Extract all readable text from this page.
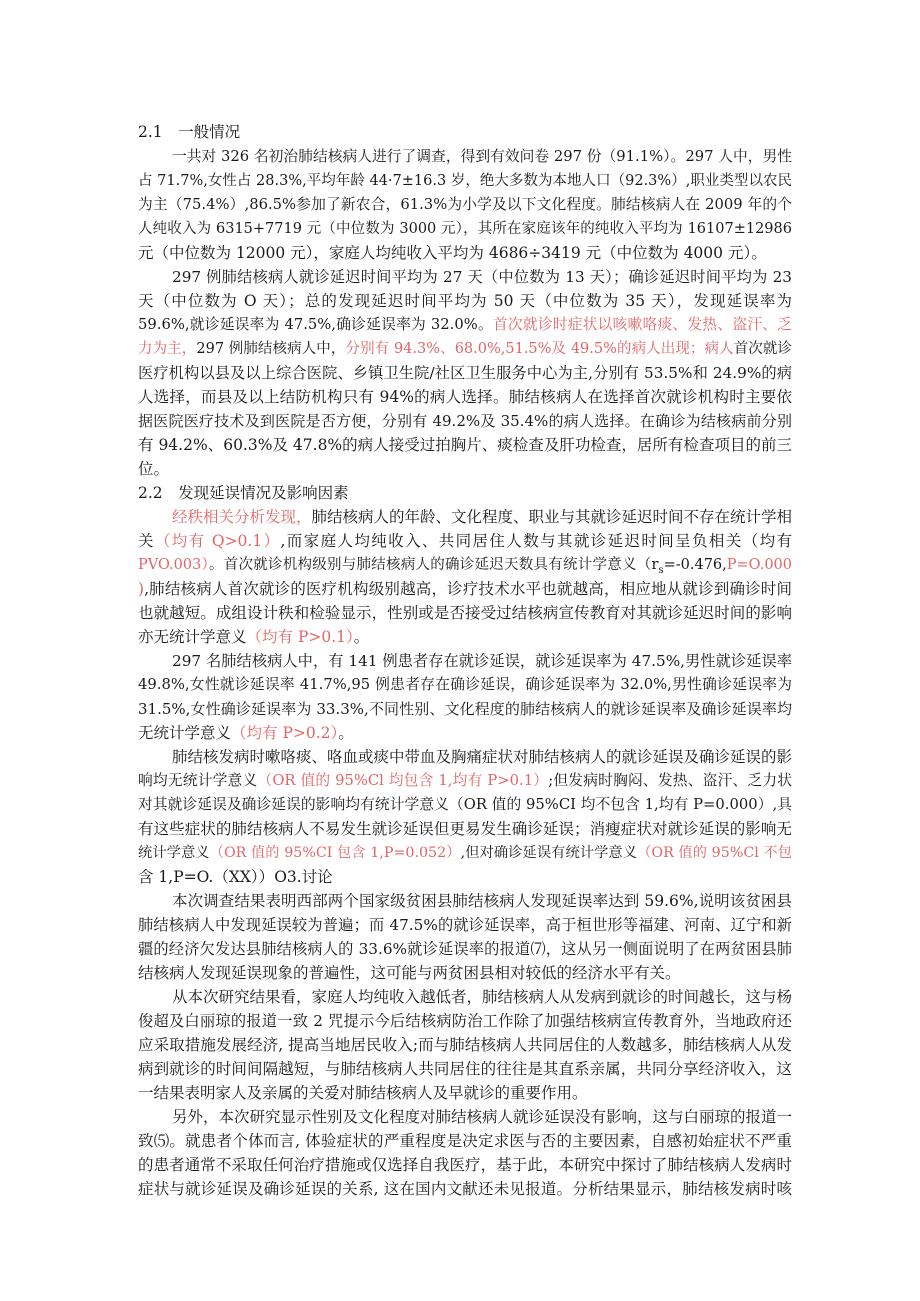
2.1　一般情况
一共对 326 名初治肺结核病人进行了调查，得到有效问卷 297 份（91.1%）。297 人中，男性
占 71.7%,女性占 28.3%,平均年龄 44·7±16.3 岁，绝大多数为本地人口（92.3%）,职业类型以农民
为主（75.4%）,86.5%参加了新农合，61.3%为小学及以下文化程度。肺结核病人在 2009 年的个
人纯收入为 6315+7719 元（中位数为 3000 元），其所在家庭该年的纯收入平均为 16107±12986
元（中位数为 12000 元），家庭人均纯收入平均为 4686÷3419 元（中位数为 4000 元）。
297 例肺结核病人就诊延迟时间平均为 27 天（中位数为 13 天）；确诊延迟时间平均为 23
天（中位数为 O 天）；总的发现延迟时间平均为 50 天（中位数为 35 天），发现延误率为
59.6%,就诊延误率为 47.5%,确诊延误率为 32.0%。首次就诊时症状以咳嗽咯痰、发热、盗汗、乏
力为主，297 例肺结核病人中，分别有 94.3%、68.0%,51.5%及 49.5%的病人出现；病人首次就诊
医疗机构以县及以上综合医院、乡镇卫生院/社区卫生服务中心为主,分别有 53.5%和 24.9%的病
人选择，而县及以上结防机构只有 94%的病人选择。肺结核病人在选择首次就诊机构时主要依
据医院医疗技术及到医院是否方便，分别有 49.2%及 35.4%的病人选择。在确诊为结核病前分别
有 94.2%、60.3%及 47.8%的病人接受过拍胸片、痰检查及肝功检查，居所有检查项目的前三
位。
2.2　发现延误情况及影响因素
经秩相关分析发现，肺结核病人的年龄、文化程度、职业与其就诊延迟时间不存在统计学相
关（均有 Q>0.1）,而家庭人均纯收入、共同居住人数与其就诊延迟时间呈负相关（均有
PVO.003）。首次就诊机构级别与肺结核病人的确诊延迟天数具有统计学意义（$r_s=-0.476,P=O.000$
),肺结核病人首次就诊的医疗机构级别越高，诊疗技术水平也就越高，相应地从就诊到确诊时间
也就越短。成组设计秩和检验显示，性别或是否接受过结核病宣传教育对其就诊延迟时间的影响
亦无统计学意义（均有 P>0.1）。
297 名肺结核病人中，有 141 例患者存在就诊延误，就诊延误率为 47.5%,男性就诊延误率
49.8%,女性就诊延误率 41.7%,95 例患者存在确诊延误，确诊延误率为 32.0%,男性确诊延误率为
31.5%,女性确诊延误率为 33.3%,不同性别、文化程度的肺结核病人的就诊延误率及确诊延误率均
无统计学意义（均有 P>0.2）。
肺结核发病时嗽咯痰、咯血或痰中带血及胸痛症状对肺结核病人的就诊延误及确诊延误的影
响均无统计学意义（OR 值的 95%Cl 均包含 1,均有 P>0.1）;但发病时胸闷、发热、盗汗、乏力状
对其就诊延误及确诊延误的影响均有统计学意义（OR 值的 95%CI 均不包含 1,均有 P=0.000）,具
有这些症状的肺结核病人不易发生就诊延误但更易发生确诊延误；消瘦症状对就诊延误的影响无
统计学意义（OR 值的 95%CI 包含 1,P=0.052）,但对确诊延误有统计学意义（OR 值的 95%Cl 不包
含 1,P=O.（XX））O3.讨论
本次调查结果表明西部两个国家级贫困县肺结核病人发现延误率达到 59.6%,说明该贫困县
肺结核病人中发现延误较为普遍；而 47.5%的就诊延误率，高于桓世形等福建、河南、辽宁和新
疆的经济欠发达县肺结核病人的 33.6%就诊延误率的报道⑺，这从另一侧面说明了在两贫困县肺
结核病人发现延误现象的普遍性，这可能与两贫困县相对较低的经济水平有关。
从本次研究结果看，家庭人均纯收入越低者，肺结核病人从发病到就诊的时间越长，这与杨
俊超及白丽琼的报道一致 2 咒提示今后结核病防治工作除了加强结核病宣传教育外，当地政府还
应采取措施发展经济, 提高当地居民收入;而与肺结核病人共同居住的人数越多，肺结核病人从发
病到就诊的时间间隔越短，与肺结核病人共同居住的往往是其直系亲属，共同分享经济收入，这
一结果表明家人及亲属的关爱对肺结核病人及早就诊的重要作用。
另外，本次研究显示性别及文化程度对肺结核病人就诊延误没有影响，这与白丽琼的报道一
致⑸。就患者个体而言, 体验症状的严重程度是决定求医与否的主要因素，自感初始症状不严重
的患者通常不采取任何治疗措施或仅选择自我医疗，基于此，本研究中探讨了肺结核病人发病时
症状与就诊延误及确诊延误的关系, 这在国内文献还未见报道。分析结果显示，肺结核发病时咳
